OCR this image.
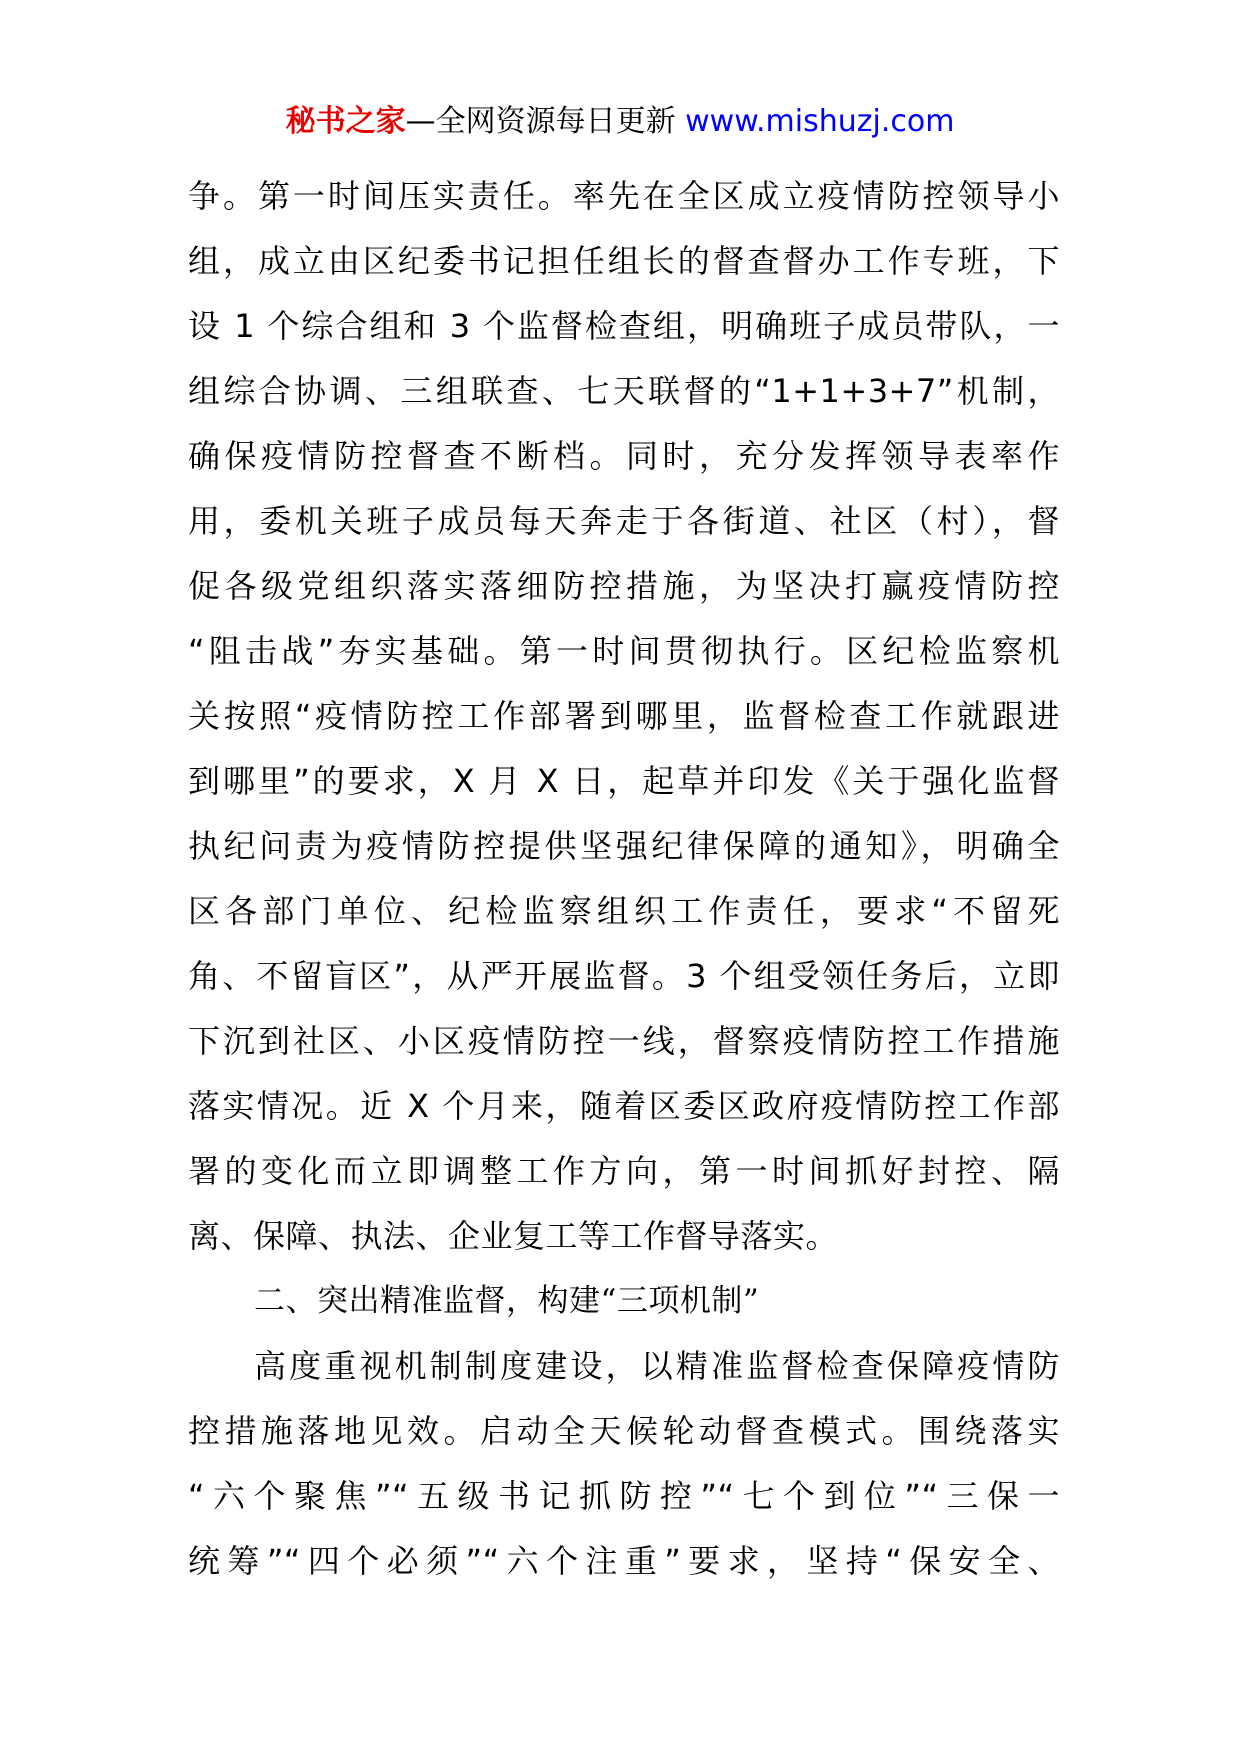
秘书之家—全网资源每日更新 www.mishuzj.com
争。第一时间压实责任。率先在全区成立疫情防控领导小
组，成立由区纪委书记担任组长的督查督办工作专班，下
设 1 个综合组和 3 个监督检查组，明确班子成员带队，一
组综合协调、三组联查、七天联督的“1+1+3+7”机制，
确保疫情防控督查不断档。同时，充分发挥领导表率作
用，委机关班子成员每天奔走于各街道、社区（村），督
促各级党组织落实落细防控措施，为坚决打赢疫情防控
“阻击战”夯实基础。第一时间贯彻执行。区纪检监察机
关按照“疫情防控工作部署到哪里，监督检查工作就跟进
到哪里”的要求，X 月 X 日，起草并印发《关于强化监督
执纪问责为疫情防控提供坚强纪律保障的通知》，明确全
区各部门单位、纪检监察组织工作责任，要求“不留死
角、不留盲区”，从严开展监督。3 个组受领任务后，立即
下沉到社区、小区疫情防控一线，督察疫情防控工作措施
落实情况。近 X 个月来，随着区委区政府疫情防控工作部
署的变化而立即调整工作方向，第一时间抓好封控、隔
离、保障、执法、企业复工等工作督导落实。
二、突出精准监督，构建“三项机制”
高度重视机制制度建设，以精准监督检查保障疫情防
控措施落地见效。启动全天候轮动督查模式。围绕落实
“六个聚焦”“五级书记抓防控”“七个到位”“三保一
统筹”“四个必须”“六个注重”要求，坚持“保安全、
